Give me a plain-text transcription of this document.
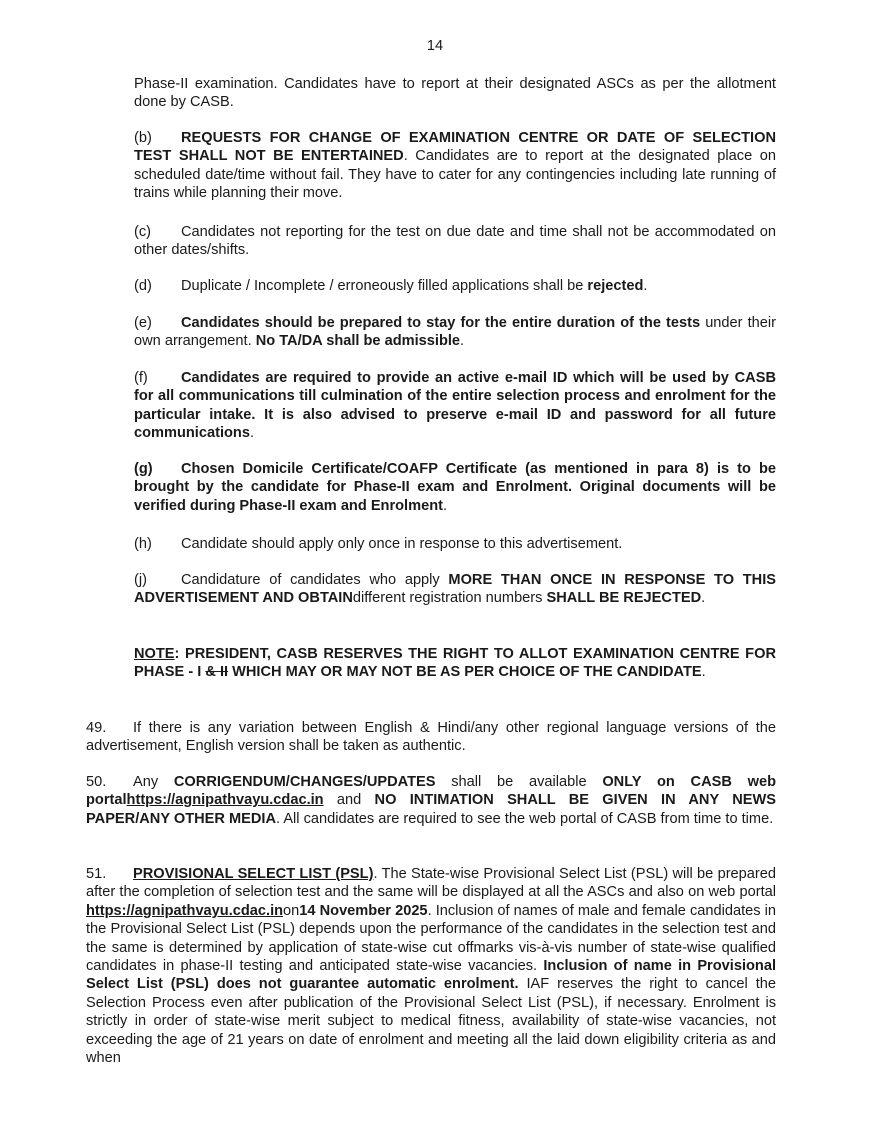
14
Phase-II examination. Candidates have to report at their designated ASCs as per the allotment done by CASB.
(b) REQUESTS FOR CHANGE OF EXAMINATION CENTRE OR DATE OF SELECTION TEST SHALL NOT BE ENTERTAINED. Candidates are to report at the designated place on scheduled date/time without fail. They have to cater for any contingencies including late running of trains while planning their move.
(c) Candidates not reporting for the test on due date and time shall not be accommodated on other dates/shifts.
(d) Duplicate / Incomplete / erroneously filled applications shall be rejected.
(e) Candidates should be prepared to stay for the entire duration of the tests under their own arrangement. No TA/DA shall be admissible.
(f) Candidates are required to provide an active e-mail ID which will be used by CASB for all communications till culmination of the entire selection process and enrolment for the particular intake. It is also advised to preserve e-mail ID and password for all future communications.
(g) Chosen Domicile Certificate/COAFP Certificate (as mentioned in para 8) is to be brought by the candidate for Phase-II exam and Enrolment. Original documents will be verified during Phase-II exam and Enrolment.
(h) Candidate should apply only once in response to this advertisement.
(j) Candidature of candidates who apply MORE THAN ONCE IN RESPONSE TO THIS ADVERTISEMENT AND OBTAINdifferent registration numbers SHALL BE REJECTED.
NOTE: PRESIDENT, CASB RESERVES THE RIGHT TO ALLOT EXAMINATION CENTRE FOR PHASE - I & II WHICH MAY OR MAY NOT BE AS PER CHOICE OF THE CANDIDATE.
49. If there is any variation between English & Hindi/any other regional language versions of the advertisement, English version shall be taken as authentic.
50. Any CORRIGENDUM/CHANGES/UPDATES shall be available ONLY on CASB web portalhttps://agnipathvayu.cdac.in and NO INTIMATION SHALL BE GIVEN IN ANY NEWS PAPER/ANY OTHER MEDIA. All candidates are required to see the web portal of CASB from time to time.
51. PROVISIONAL SELECT LIST (PSL). The State-wise Provisional Select List (PSL) will be prepared after the completion of selection test and the same will be displayed at all the ASCs and also on web portal https://agnipathvayu.cdac.inon14 November 2025. Inclusion of names of male and female candidates in the Provisional Select List (PSL) depends upon the performance of the candidates in the selection test and the same is determined by application of state-wise cut offmarks vis-à-vis number of state-wise qualified candidates in phase-II testing and anticipated state-wise vacancies. Inclusion of name in Provisional Select List (PSL) does not guarantee automatic enrolment. IAF reserves the right to cancel the Selection Process even after publication of the Provisional Select List (PSL), if necessary. Enrolment is strictly in order of state-wise merit subject to medical fitness, availability of state-wise vacancies, not exceeding the age of 21 years on date of enrolment and meeting all the laid down eligibility criteria as and when
